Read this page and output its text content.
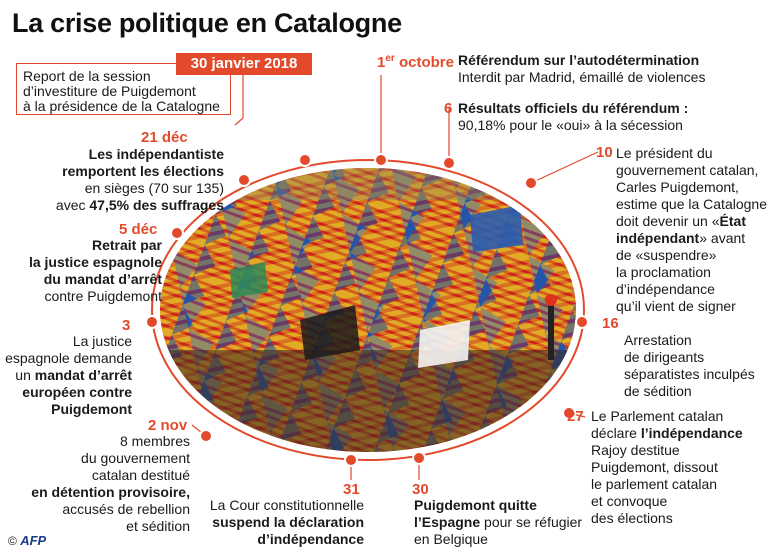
La crise politique en Catalogne
Report de la session
d’investiture de Puigdemont
à la présidence de la Catalogne
30 janvier 2018	1er octobre Référendum sur l’autodétermination
Interdit par Madrid, émaillé de violences
6 Résultats officiels du référendum :
90,18% pour le «oui» à la sécession
10 Le président du
gouvernement catalan,
Carles Puigdemont,
estime que la Catalogne
doit devenir un «État
indépendant» avant
de «suspendre»
la proclamation
d’indépendance
qu’il vient de signer
16
Arrestation
de dirigeants
séparatistes inculpés
de sédition
27 Le Parlement catalan
déclare l’indépendance
Rajoy destitue
Puigdemont, dissout
le parlement catalan
et convoque
des élections
30
Puigdemont quitte
l’Espagne pour se réfugier
en Belgique
31
La Cour constitutionnelle
suspend la déclaration
d’indépendance
2 nov
8 membres
du gouvernement
catalan destitué
en détention provisoire,
accusés de rebellion
et sédition
3
La justice
espagnole demande
un mandat d’arrêt
européen contre
Puigdemont
5 déc
Retrait par
la justice espagnole
du mandat d’arrêt
contre Puigdemont
21 déc
Les indépendantiste
remportent les élections
en sièges (70 sur 135)
avec 47,5% des suffrages
© AFP
